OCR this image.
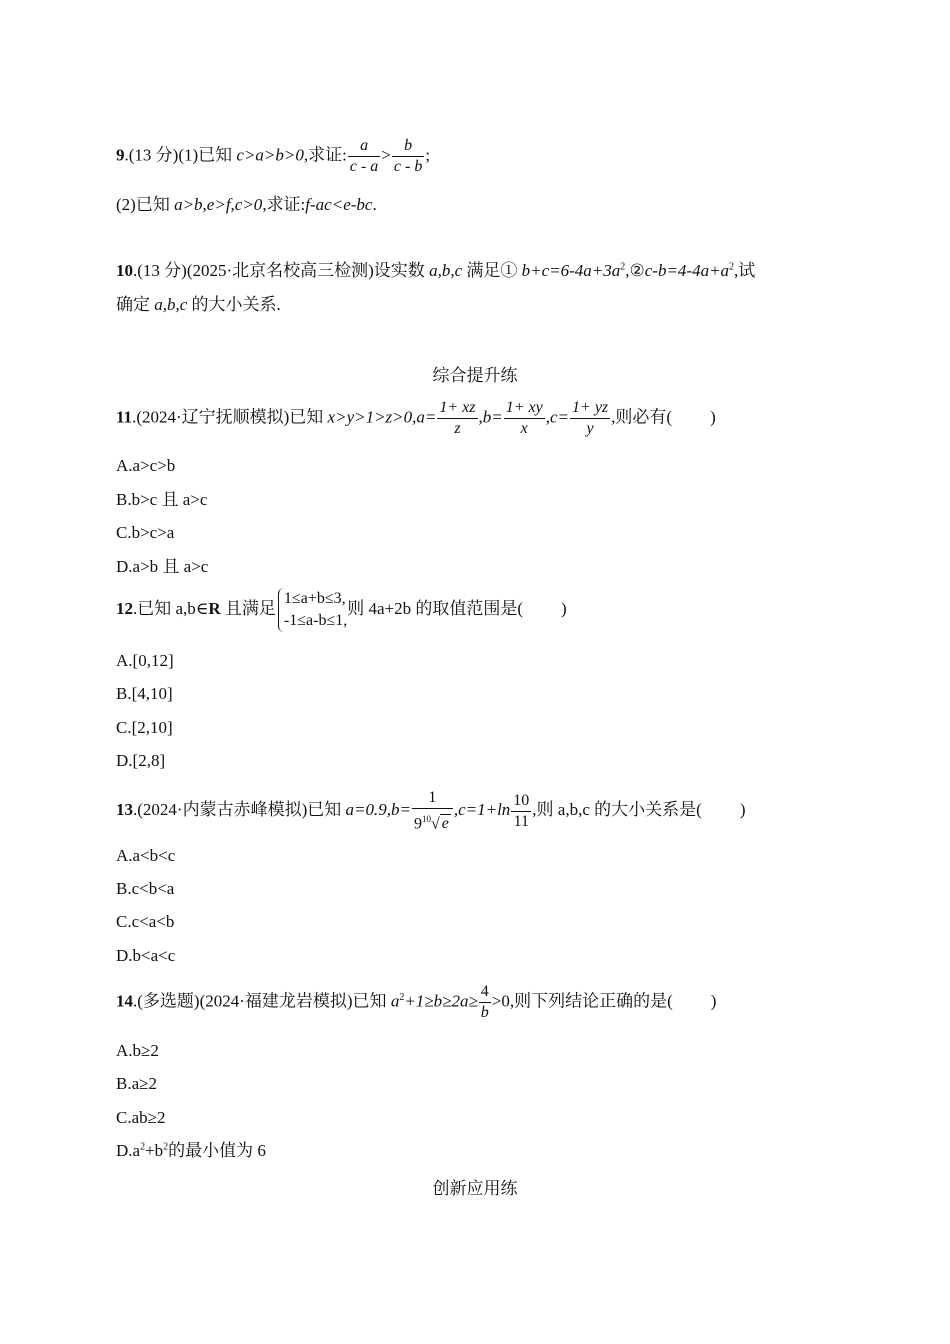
9.(13 分)(1)已知 c>a>b>0,求证: $\frac{a}{c - a} > \frac{b}{c - b}$ ;
(2)已知 a>b,e>f,c>0,求证:f-ac<e-bc.
10.(13 分)(2025·北京名校高三检测)设实数 a,b,c 满足① $b+c=6-4a+3a^2,②c-b=4-4a+a^2$,试
确定 a,b,c 的大小关系.
综合提升练
11.(2024·辽宁抚顺模拟)已知 $x>y>1>z>0,a= \frac{1+ xz}{z} ,b= \frac{1+ xy}{x} ,c= \frac{1+ yz}{y}$ ,则必有( )
A.a>c>b
B.b>c 且 a>c
C.b>c>a
D.a>b 且 a>c
12.已知 a,b∈R 且满足
1≤a+b≤3,
-1≤a-b≤1,
则 4a+2b 的取值范围是( )
A.[0,12]
B.[4,10]
C.[2,10]
D.[2,8]
13.(2024·内蒙古赤峰模拟)已知 $a=0.9,b= \frac{1}{9^{10}√ e} ,c=1+\ln \frac{10}{11}$ ,则 a,b,c 的大小关系是( )
A.a<b<c
B.c<b<a
C.c<a<b
D.b<a<c
14.(多选题)(2024·福建龙岩模拟)已知 $a^2+1\ge b\ge 2a\ge \frac{4}{b} >0$,则下列结论正确的是( )
A.b≥2
B.a≥2
C.ab≥2
$D.a^2+b^2$的最小值为 6
创新应用练
